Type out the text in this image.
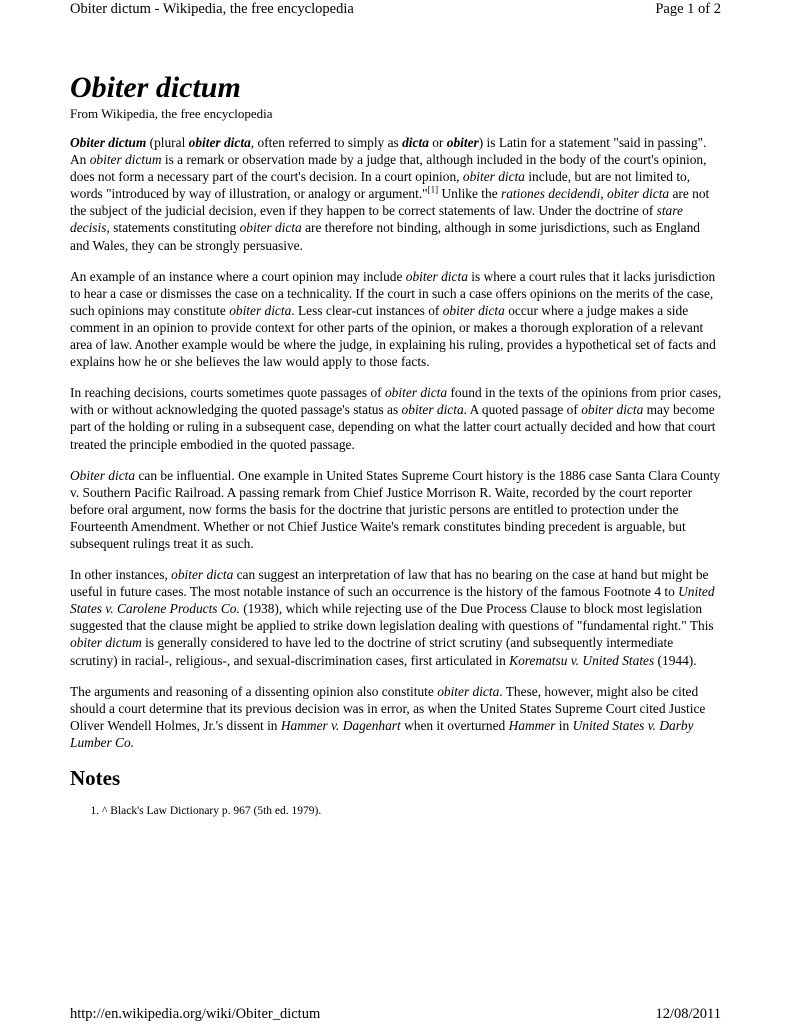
Obiter dictum - Wikipedia, the free encyclopedia	Page 1 of 2
Obiter dictum
From Wikipedia, the free encyclopedia

Obiter dictum (plural obiter dicta, often referred to simply as dicta or obiter) is Latin for a statement "said in passing". An obiter dictum is a remark or observation made by a judge that, although included in the body of the court's opinion, does not form a necessary part of the court's decision. In a court opinion, obiter dicta include, but are not limited to, words "introduced by way of illustration, or analogy or argument."[1] Unlike the rationes decidendi, obiter dicta are not the subject of the judicial decision, even if they happen to be correct statements of law. Under the doctrine of stare decisis, statements constituting obiter dicta are therefore not binding, although in some jurisdictions, such as England and Wales, they can be strongly persuasive.

An example of an instance where a court opinion may include obiter dicta is where a court rules that it lacks jurisdiction to hear a case or dismisses the case on a technicality. If the court in such a case offers opinions on the merits of the case, such opinions may constitute obiter dicta. Less clear-cut instances of obiter dicta occur where a judge makes a side comment in an opinion to provide context for other parts of the opinion, or makes a thorough exploration of a relevant area of law. Another example would be where the judge, in explaining his ruling, provides a hypothetical set of facts and explains how he or she believes the law would apply to those facts.

In reaching decisions, courts sometimes quote passages of obiter dicta found in the texts of the opinions from prior cases, with or without acknowledging the quoted passage's status as obiter dicta. A quoted passage of obiter dicta may become part of the holding or ruling in a subsequent case, depending on what the latter court actually decided and how that court treated the principle embodied in the quoted passage.

Obiter dicta can be influential. One example in United States Supreme Court history is the 1886 case Santa Clara County v. Southern Pacific Railroad. A passing remark from Chief Justice Morrison R. Waite, recorded by the court reporter before oral argument, now forms the basis for the doctrine that juristic persons are entitled to protection under the Fourteenth Amendment. Whether or not Chief Justice Waite's remark constitutes binding precedent is arguable, but subsequent rulings treat it as such.

In other instances, obiter dicta can suggest an interpretation of law that has no bearing on the case at hand but might be useful in future cases. The most notable instance of such an occurrence is the history of the famous Footnote 4 to United States v. Carolene Products Co. (1938), which while rejecting use of the Due Process Clause to block most legislation suggested that the clause might be applied to strike down legislation dealing with questions of "fundamental right." This obiter dictum is generally considered to have led to the doctrine of strict scrutiny (and subsequently intermediate scrutiny) in racial-, religious-, and sexual-discrimination cases, first articulated in Korematsu v. United States (1944).

The arguments and reasoning of a dissenting opinion also constitute obiter dicta. These, however, might also be cited should a court determine that its previous decision was in error, as when the United States Supreme Court cited Justice Oliver Wendell Holmes, Jr.'s dissent in Hammer v. Dagenhart when it overturned Hammer in United States v. Darby Lumber Co.

Notes
1. ^ Black's Law Dictionary p. 967 (5th ed. 1979).
http://en.wikipedia.org/wiki/Obiter_dictum	12/08/2011
